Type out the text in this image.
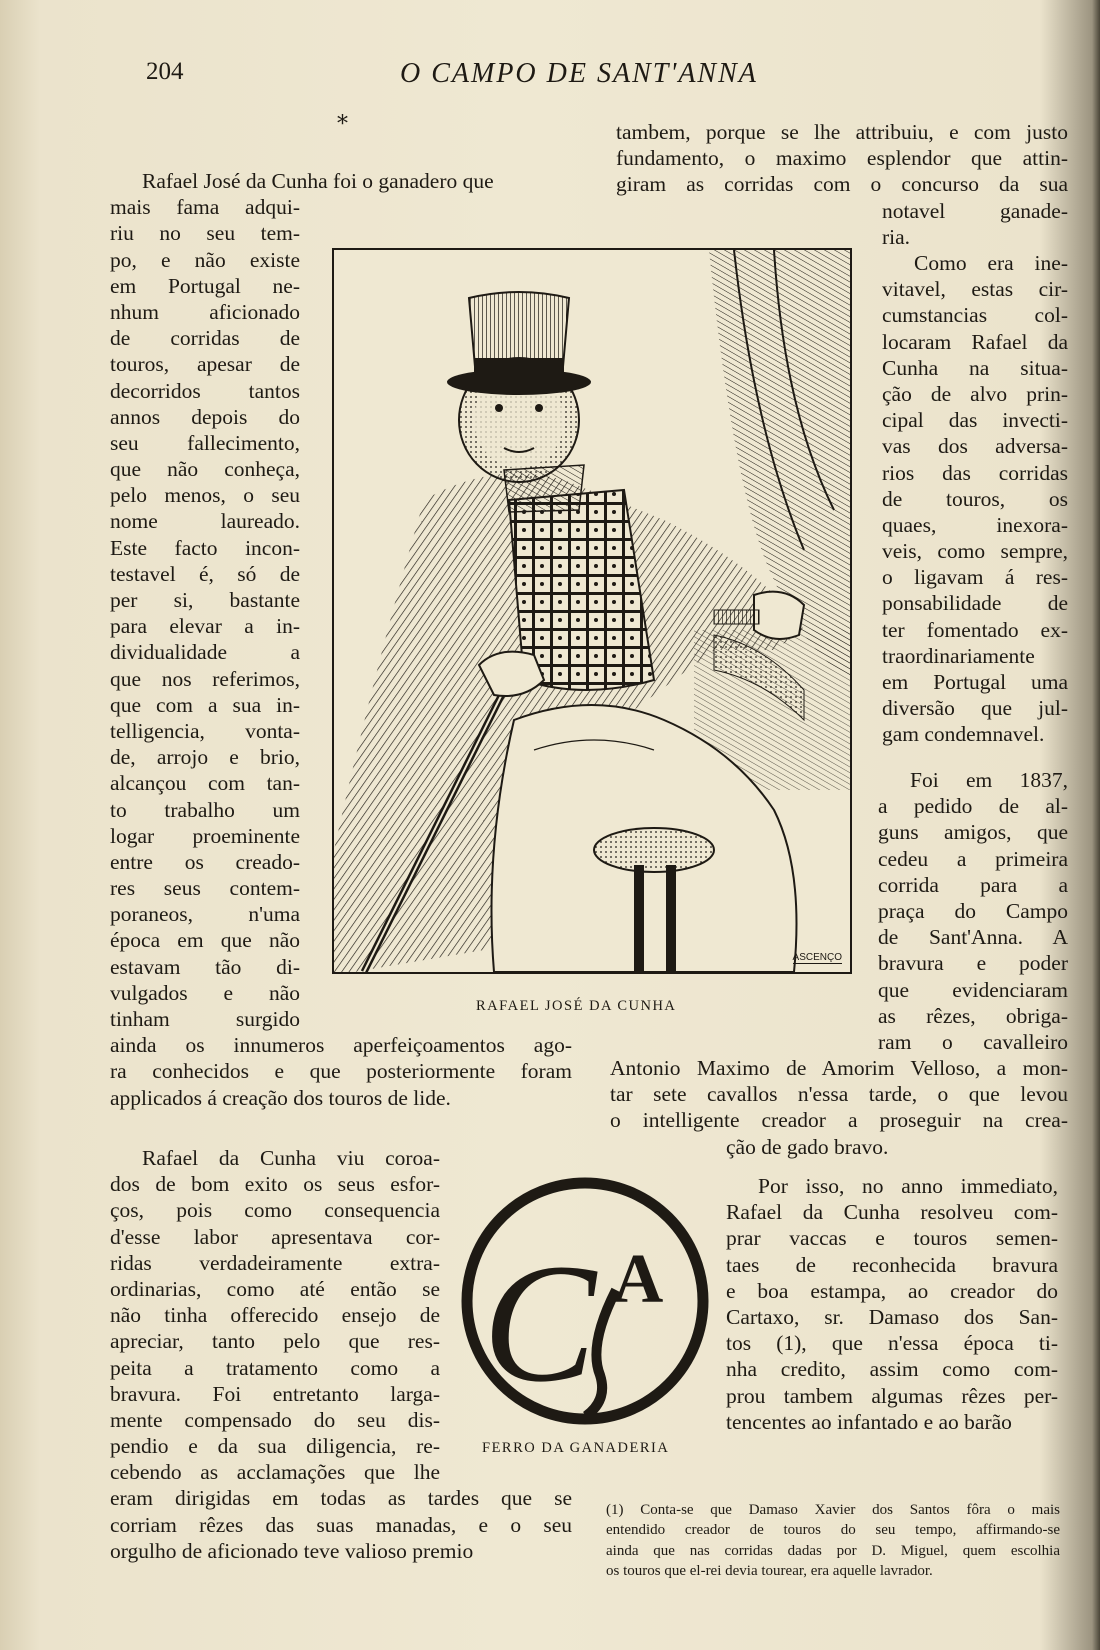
204	O CAMPO DE SANT'ANNA
*
Rafael José da Cunha foi o ganadero que
mais fama adqui-
riu no seu tem-
po, e não existe
em Portugal ne-
nhum aficionado
de corridas de
touros, apesar de
decorridos tantos
annos depois do
seu fallecimento,
que não conheça,
pelo menos, o seu
nome laureado.
Este facto incon-
testavel é, só de
per si, bastante
para elevar a in-
dividualidade a
que nos referimos,
que com a sua in-
telligencia, vonta-
de, arrojo e brio,
alcançou com tan-
to trabalho um
logar proeminente
entre os creado-
res seus contem-
poraneos, n'uma
época em que não
estavam tão di-
vulgados e não
tinham surgido
ainda os innumeros aperfeiçoamentos ago-
ra conhecidos e que posteriormente foram
applicados á creação dos touros de lide.
Rafael da Cunha viu coroa-
dos de bom exito os seus esfor-
ços, pois como consequencia
d'esse labor apresentava cor-
ridas verdadeiramente extra-
ordinarias, como até então se
não tinha offerecido ensejo de
apreciar, tanto pelo que res-
peita a tratamento como a
bravura. Foi entretanto larga-
mente compensado do seu dis-
pendio e da sua diligencia, re-
cebendo as acclamações que lhe
eram dirigidas em todas as tardes que se
corriam rêzes das suas manadas, e o seu
orgulho de aficionado teve valioso premio
tambem, porque se lhe attribuiu, e com justo
fundamento, o maximo esplendor que attin-
giram as corridas com o concurso da sua
notavel ganade-
ria.
Como era ine-
vitavel, estas cir-
cumstancias col-
locaram Rafael da
Cunha na situa-
ção de alvo prin-
cipal das invecti-
vas dos adversa-
rios das corridas
de touros, os
quaes, inexora-
veis, como sempre,
o ligavam á res-
ponsabilidade de
ter fomentado ex-
traordinariamente
em Portugal uma
diversão que jul-
gam condemnavel.
Foi em 1837,
a pedido de al-
guns amigos, que
cedeu a primeira
corrida para a
praça do Campo
de Sant'Anna. A
bravura e poder
que evidenciaram
as rêzes, obriga-
ram o cavalleiro
Antonio Maximo de Amorim Velloso, a mon-
tar sete cavallos n'essa tarde, o que levou
o intelligente creador a proseguir na crea-
ção de gado bravo.
Por isso, no anno immediato,
Rafael da Cunha resolveu com-
prar vaccas e touros semen-
taes de reconhecida bravura
e boa estampa, ao creador do
Cartaxo, sr. Damaso dos San-
tos (1), que n'essa época ti-
nha credito, assim como com-
prou tambem algumas rêzes per-
tencentes ao infantado e ao barão
ASCENÇO
RAFAEL JOSÉ DA CUNHA
C A
FERRO DA GANADERIA
(1) Conta-se que Damaso Xavier dos Santos fôra o mais
entendido creador de touros do seu tempo, affirmando-se
ainda que nas corridas dadas por D. Miguel, quem escolhia
os touros que el-rei devia tourear, era aquelle lavrador.
